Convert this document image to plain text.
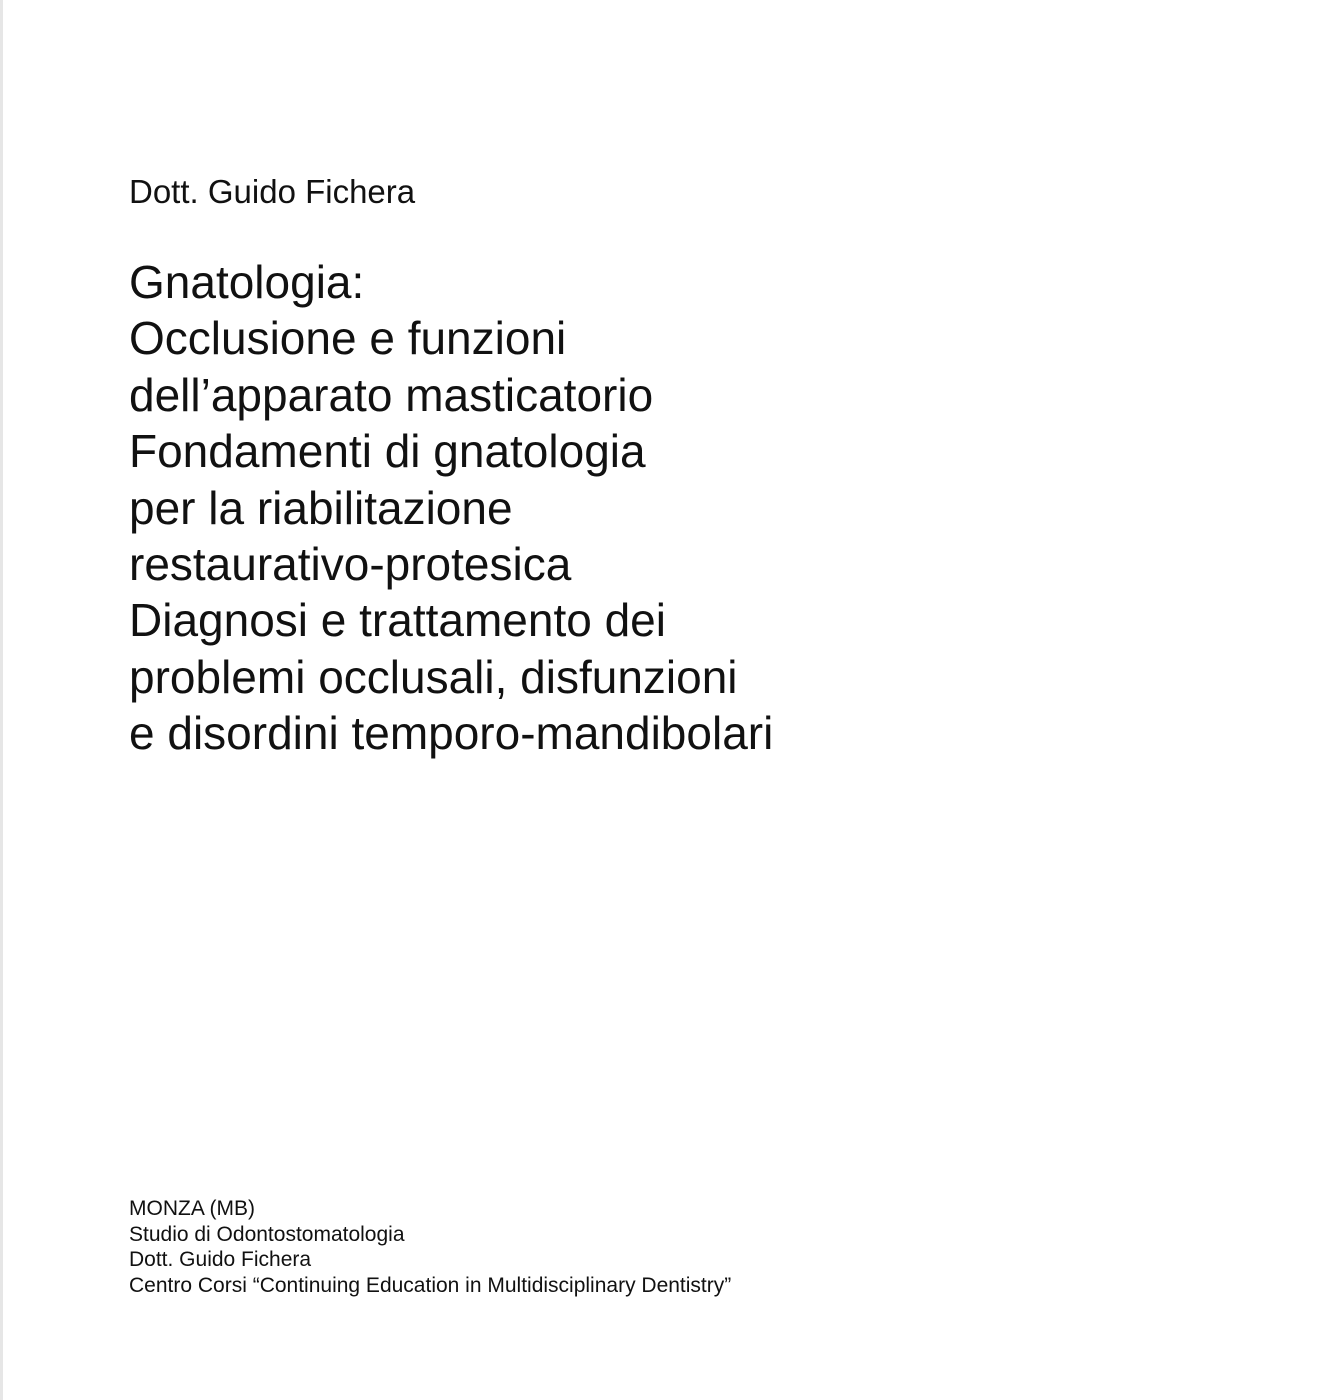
Dott. Guido Fichera

Gnatologia:
Occlusione e funzioni
dell’apparato masticatorio
Fondamenti di gnatologia
per la riabilitazione
restaurativo-protesica
Diagnosi e trattamento dei
problemi occlusali, disfunzioni
e disordini temporo-mandibolari
MONZA (MB)
Studio di Odontostomatologia
Dott. Guido Fichera
Centro Corsi “Continuing Education in Multidisciplinary Dentistry”
